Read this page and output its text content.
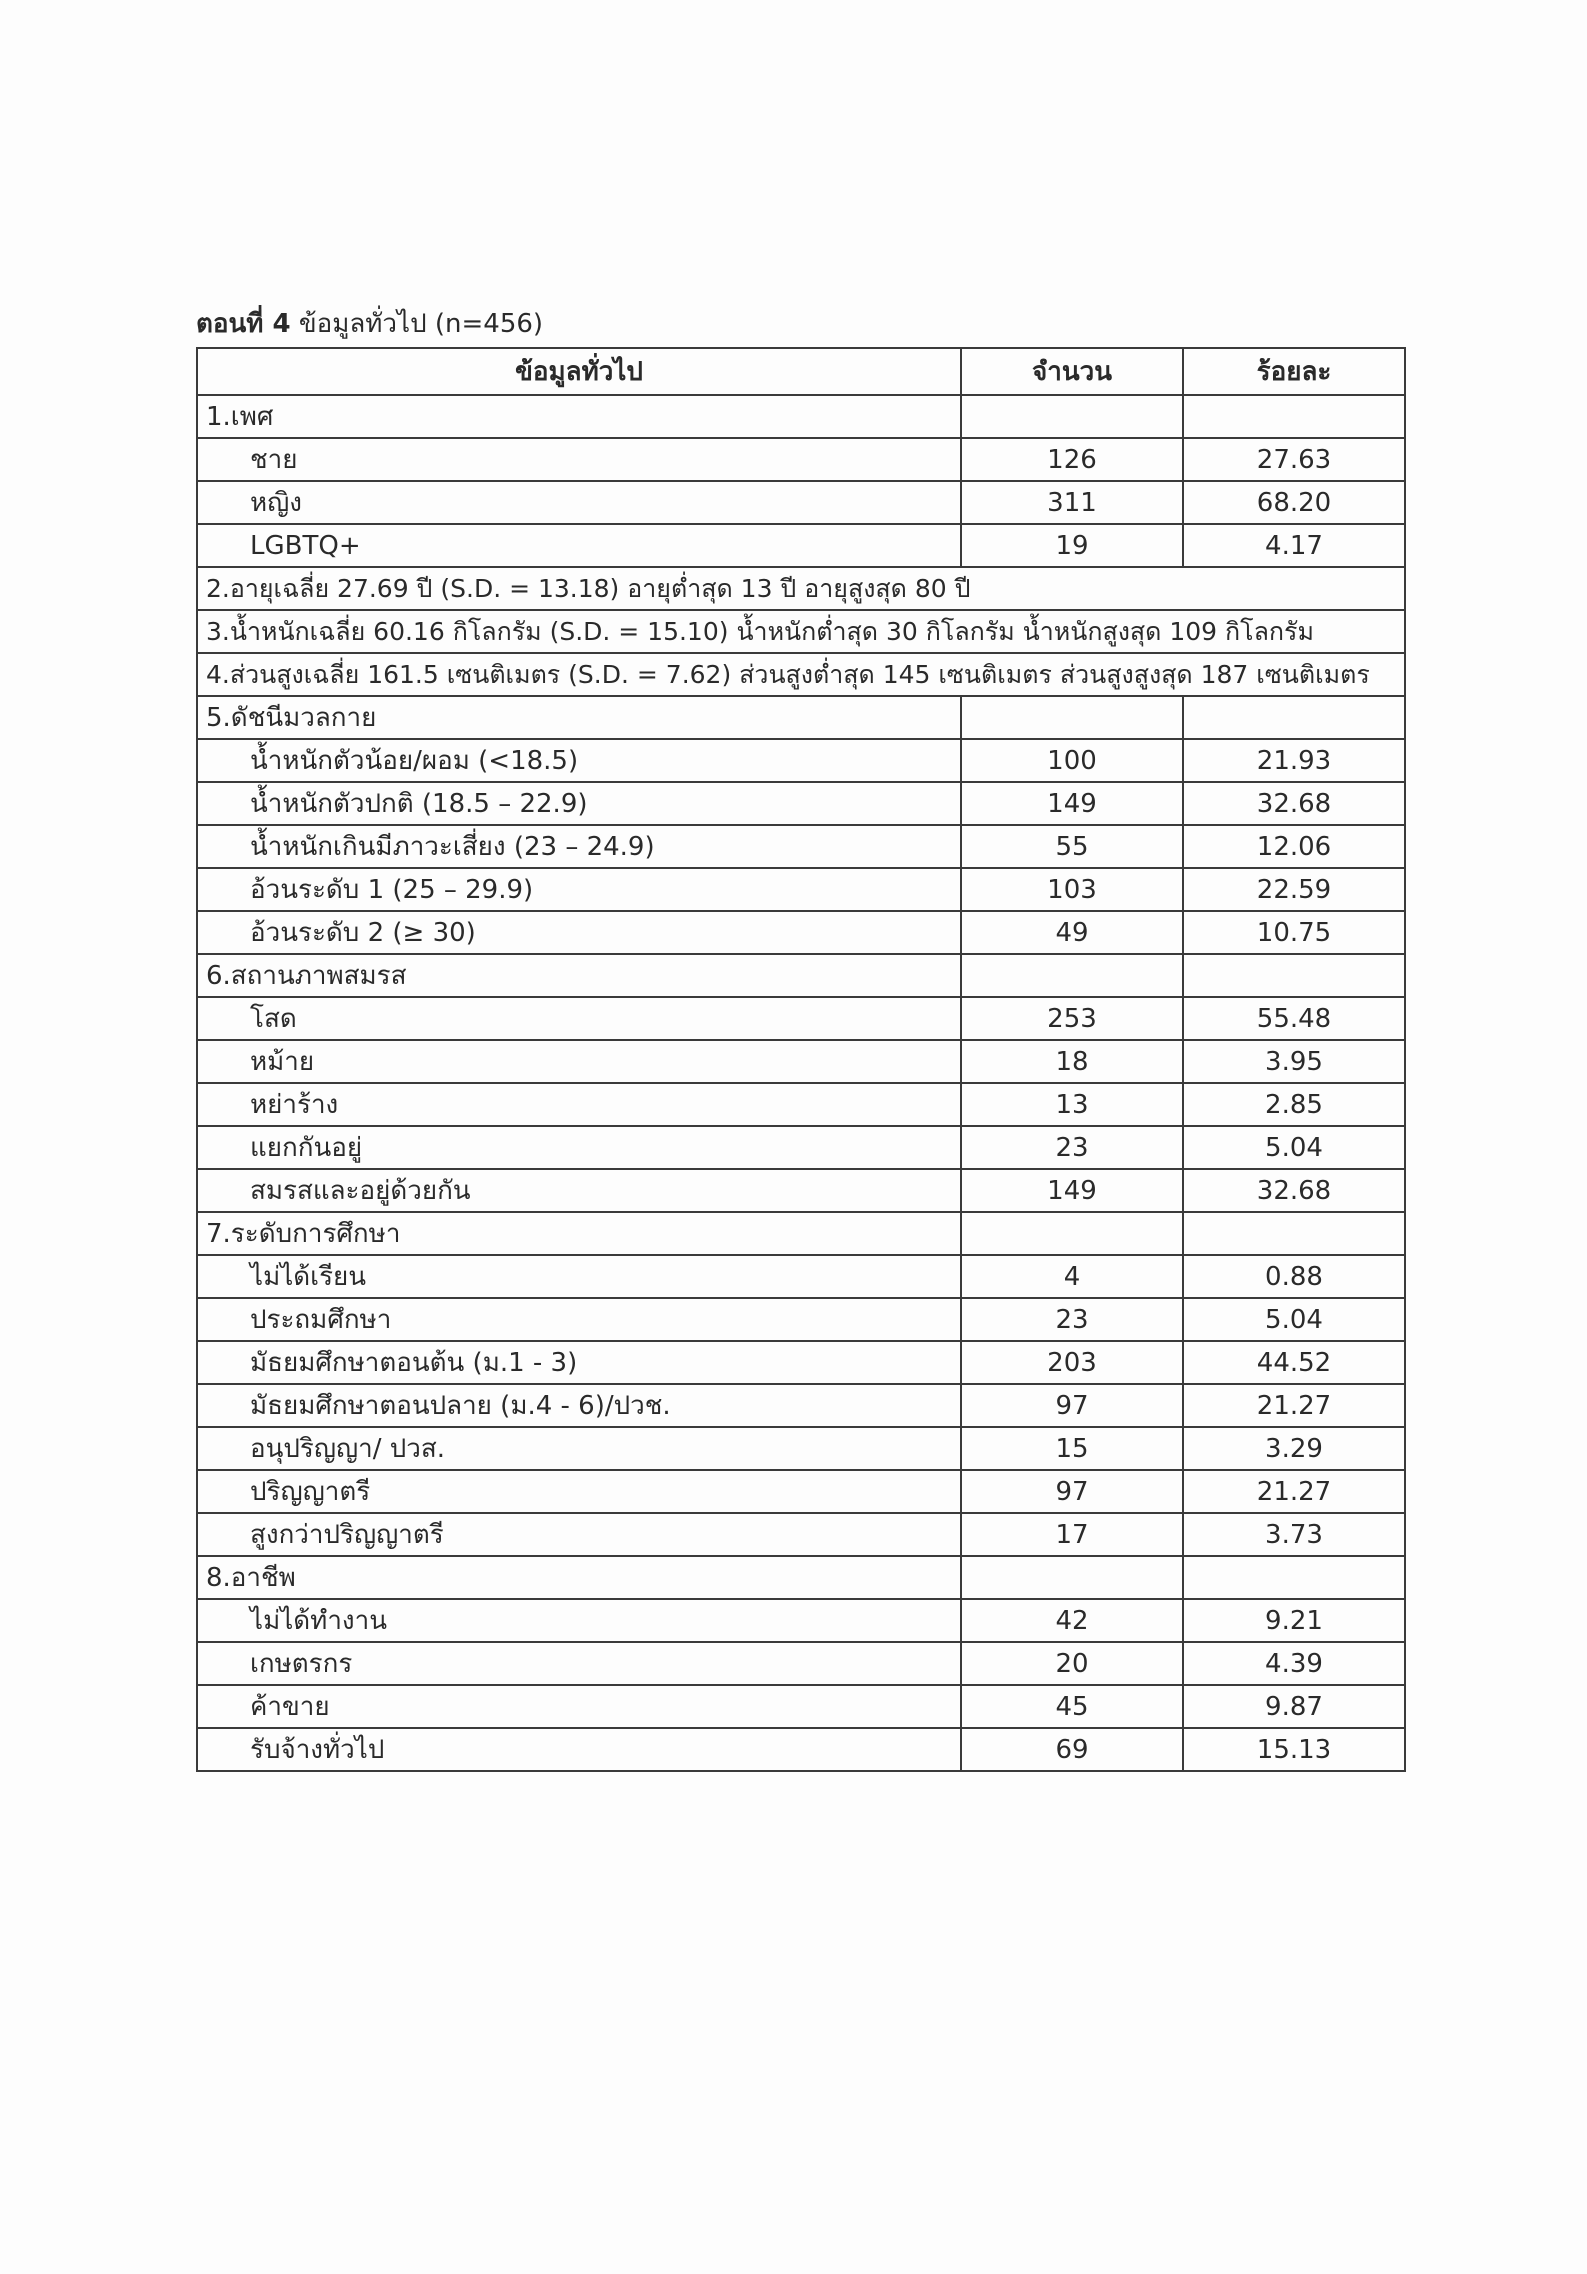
ตอนที่ 4 ข้อมูลทั่วไป (n=456)
ข้อมูลทั่วไป	จำนวน	ร้อยละ
1.เพศ		
ชาย	126	27.63
หญิง	311	68.20
LGBTQ+	19	4.17
2.อายุเฉลี่ย 27.69 ปี (S.D. = 13.18) อายุต่ำสุด 13 ปี อายุสูงสุด 80 ปี		
3.น้ำหนักเฉลี่ย 60.16 กิโลกรัม (S.D. = 15.10) น้ำหนักต่ำสุด 30 กิโลกรัม น้ำหนักสูงสุด 109 กิโลกรัม		
4.ส่วนสูงเฉลี่ย 161.5 เซนติเมตร (S.D. = 7.62) ส่วนสูงต่ำสุด 145 เซนติเมตร ส่วนสูงสูงสุด 187 เซนติเมตร		
5.ดัชนีมวลกาย		
น้ำหนักตัวน้อย/ผอม (<18.5)	100	21.93
น้ำหนักตัวปกติ (18.5 – 22.9)	149	32.68
น้ำหนักเกินมีภาวะเสี่ยง (23 – 24.9)	55	12.06
อ้วนระดับ 1 (25 – 29.9)	103	22.59
อ้วนระดับ 2 (≥ 30)	49	10.75
6.สถานภาพสมรส		
โสด	253	55.48
หม้าย	18	3.95
หย่าร้าง	13	2.85
แยกกันอยู่	23	5.04
สมรสและอยู่ด้วยกัน	149	32.68
7.ระดับการศึกษา		
ไม่ได้เรียน	4	0.88
ประถมศึกษา	23	5.04
มัธยมศึกษาตอนต้น (ม.1 - 3)	203	44.52
มัธยมศึกษาตอนปลาย (ม.4 - 6)/ปวช.	97	21.27
อนุปริญญา/ ปวส.	15	3.29
ปริญญาตรี	97	21.27
สูงกว่าปริญญาตรี	17	3.73
8.อาชีพ		
ไม่ได้ทำงาน	42	9.21
เกษตรกร	20	4.39
ค้าขาย	45	9.87
รับจ้างทั่วไป	69	15.13
